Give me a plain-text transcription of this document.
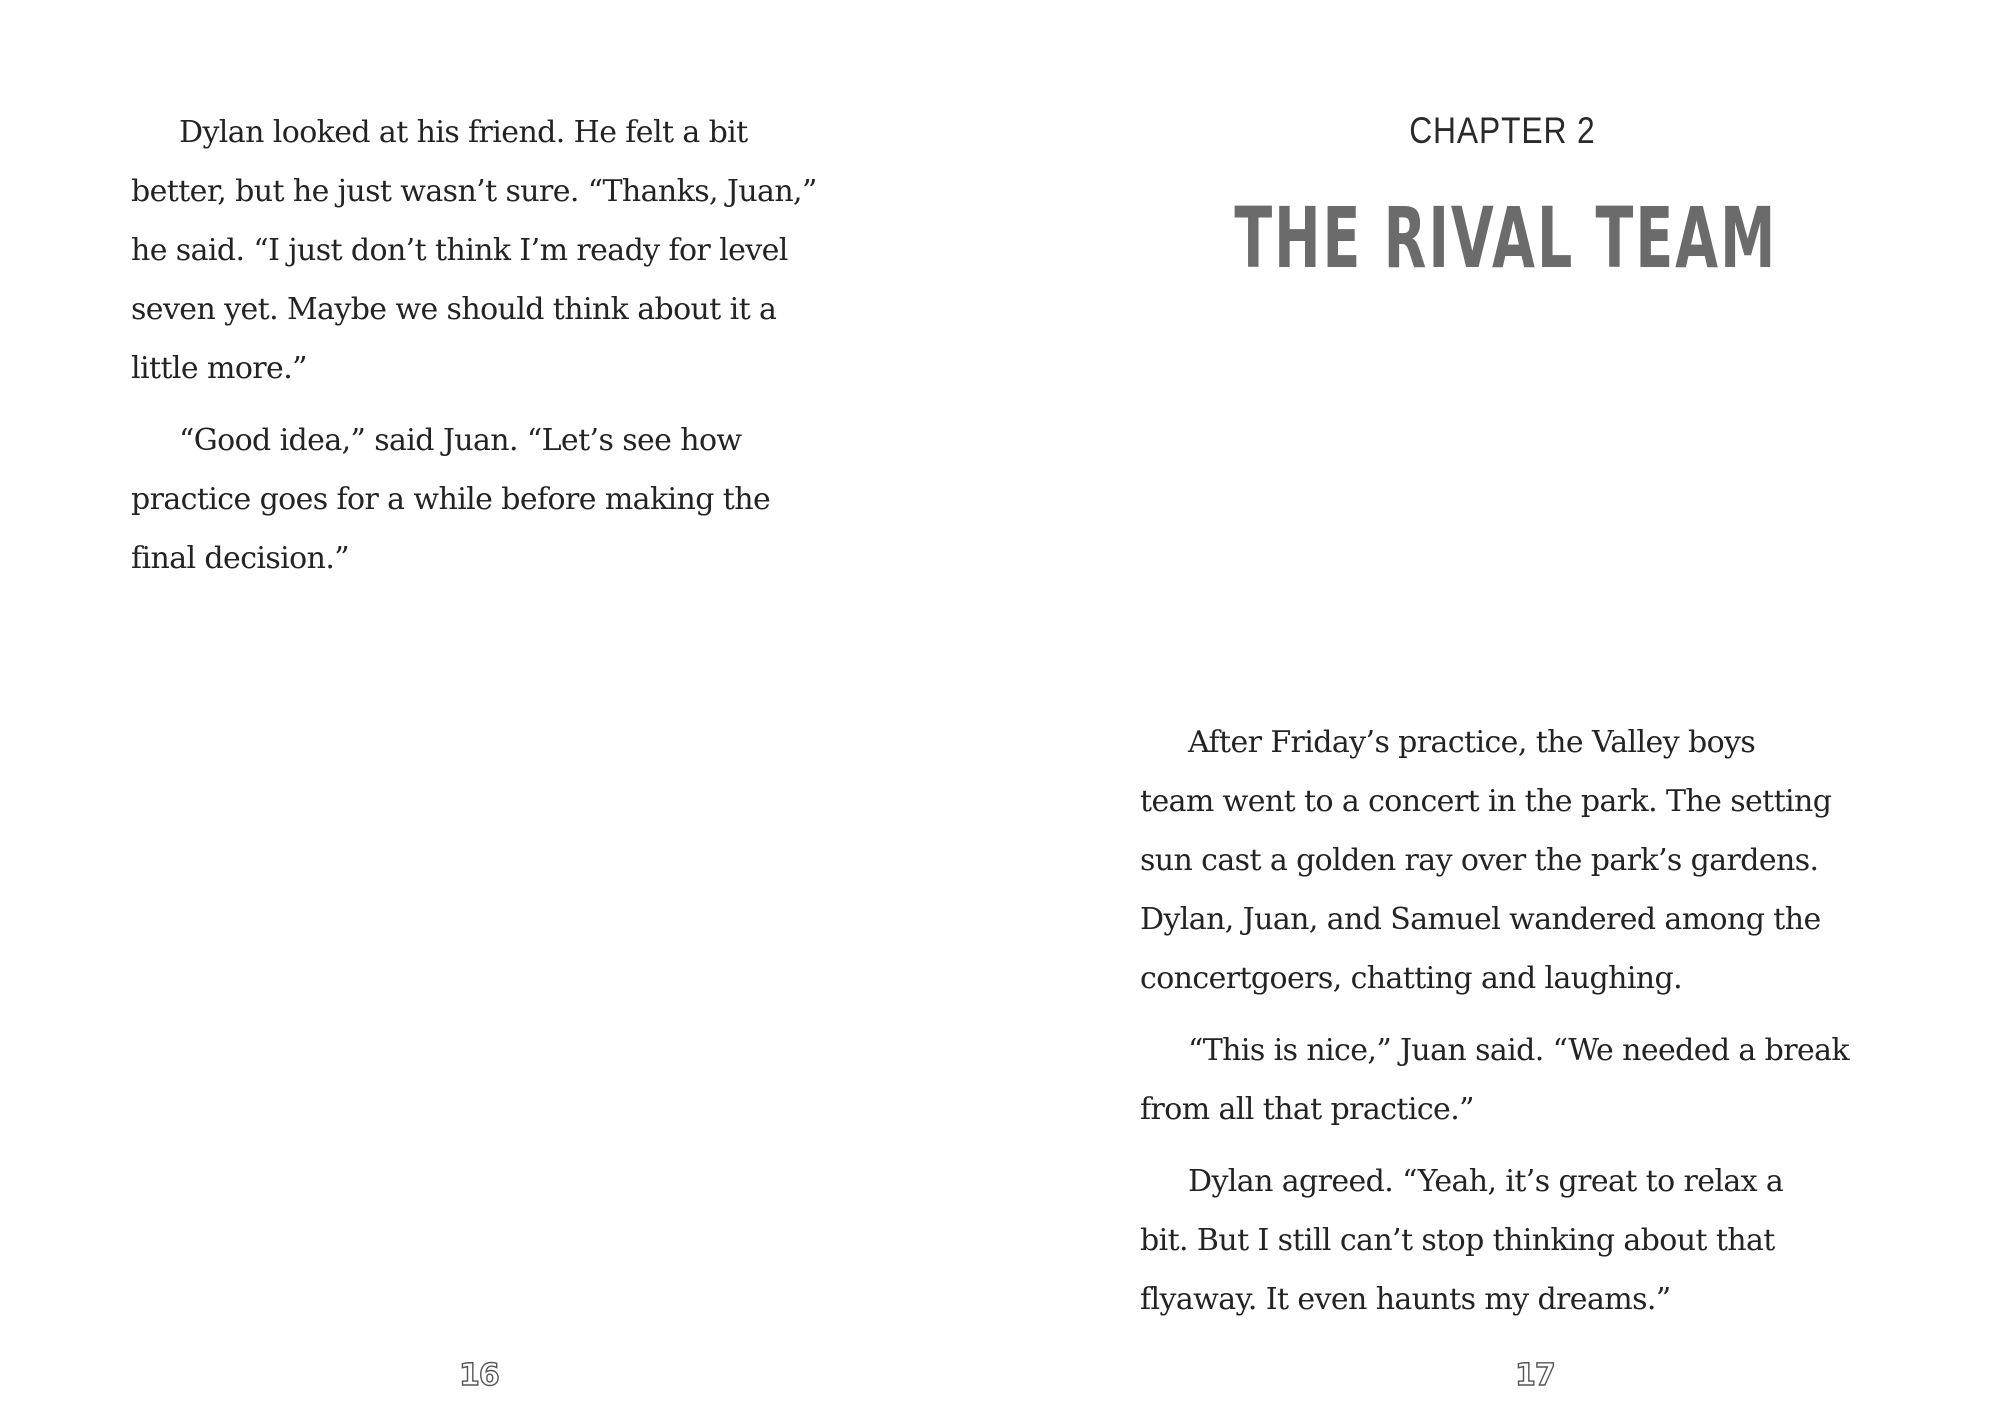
Dylan looked at his friend. He felt a bit
better, but he just wasn’t sure. “Thanks, Juan,”
he said. “I just don’t think I’m ready for level
seven yet. Maybe we should think about it a
little more.”

“Good idea,” said Juan. “Let’s see how
practice goes for a while before making the
final decision.”

16
CHAPTER 2
THE RIVAL TEAM

After Friday’s practice, the Valley boys
team went to a concert in the park. The setting
sun cast a golden ray over the park’s gardens.
Dylan, Juan, and Samuel wandered among the
concertgoers, chatting and laughing.

“This is nice,” Juan said. “We needed a break
from all that practice.”

Dylan agreed. “Yeah, it’s great to relax a
bit. But I still can’t stop thinking about that
flyaway. It even haunts my dreams.”

17
